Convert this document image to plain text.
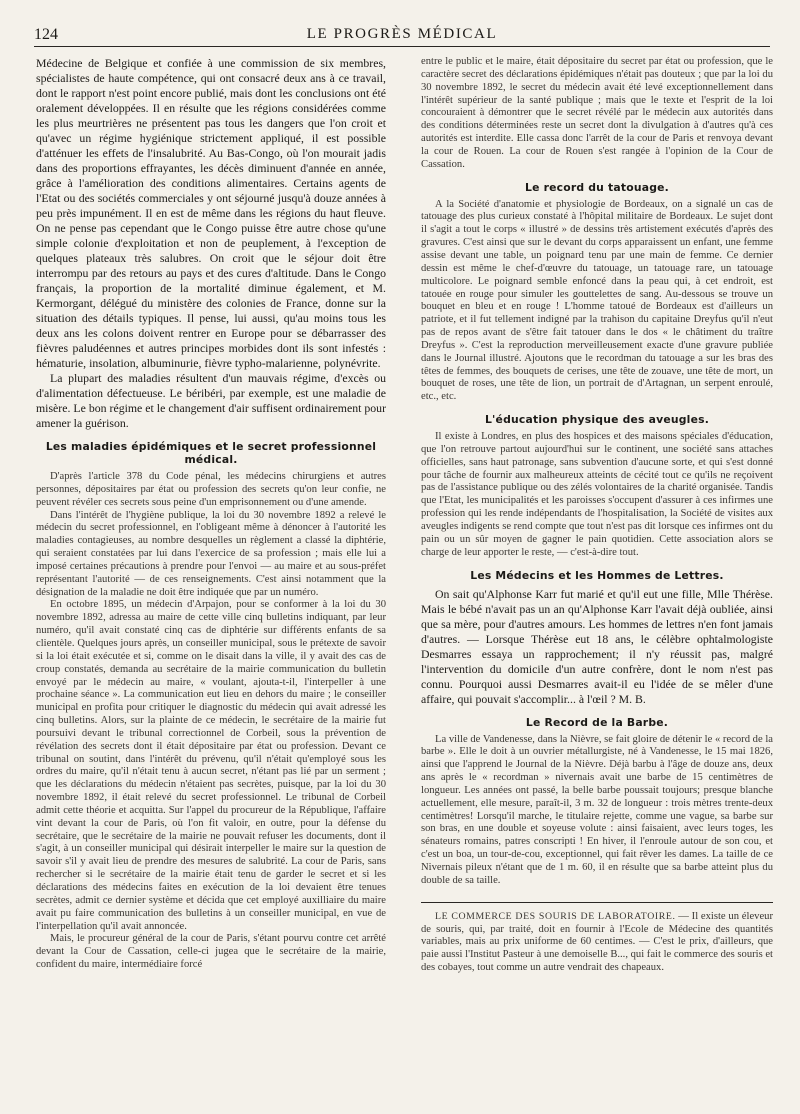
124	LE PROGRÈS MÉDICAL

Médecine de Belgique et confiée à une commission de six membres, spécialistes de haute compétence, qui ont consacré deux ans à ce travail, dont le rapport n'est point encore publié, mais dont les conclusions ont été oralement développées. Il en résulte que les régions considérées comme les plus meurtrières ne présentent pas tous les dangers que l'on croit et qu'avec un régime hygiénique strictement appliqué, il est possible d'atténuer les effets de l'insalubrité. Au Bas-Congo, où l'on mourait jadis dans des proportions effrayantes, les décès diminuent d'année en année, grâce à l'amélioration des conditions alimentaires. Certains agents de l'Etat ou des sociétés commerciales y ont séjourné jusqu'à douze années à peu près impunément. Il en est de même dans les régions du haut fleuve. On ne pense pas cependant que le Congo puisse être autre chose qu'une simple colonie d'exploitation et non de peuplement, à l'exception de quelques plateaux très salubres. On croit que le séjour doit être interrompu par des retours au pays et des cures d'altitude. Dans le Congo français, la proportion de la mortalité diminue également, et M. Kermorgant, délégué du ministère des colonies de France, donne sur la situation des détails typiques. Il pense, lui aussi, qu'au moins tous les deux ans les colons doivent rentrer en Europe pour se débarrasser des fièvres paludéennes et autres principes morbides dont ils sont infestés : hématurie, insolation, albuminurie, fièvre typho-malarienne, polynévrite.

La plupart des maladies résultent d'un mauvais régime, d'excès ou d'alimentation défectueuse. Le béribéri, par exemple, est une maladie de misère. Le bon régime et le changement d'air suffisent ordinairement pour amener la guérison.

Les maladies épidémiques et le secret professionnel médical.

D'après l'article 378 du Code pénal, les médecins chirurgiens et autres personnes, dépositaires par état ou profession des secrets qu'on leur confie, ne peuvent révéler ces secrets sous peine d'un emprisonnement ou d'une amende.

Dans l'intérêt de l'hygiène publique, la loi du 30 novembre 1892 a relevé le médecin du secret professionnel, en l'obligeant même à dénoncer à l'autorité les maladies contagieuses, au nombre desquelles un règlement a classé la diphtérie, qui seraient constatées par lui dans l'exercice de sa profession ; mais elle lui a imposé certaines précautions à prendre pour l'envoi — au maire et au sous-préfet représentant l'autorité — de ces renseignements. C'est ainsi notamment que la désignation de la maladie ne doit être indiquée que par un numéro.

En octobre 1895, un médecin d'Arpajon, pour se conformer à la loi du 30 novembre 1892, adressa au maire de cette ville cinq bulletins indiquant, par leur numéro, qu'il avait constaté cinq cas de diphtérie sur différents enfants de sa clientèle. Quelques jours après, un conseiller municipal, sous le prétexte de savoir si la loi était exécutée et si, comme on le disait dans la ville, il y avait des cas de croup constatés, demanda au secrétaire de la mairie communication du bulletin envoyé par le médecin au maire, « voulant, ajouta-t-il, l'interpeller à une prochaine séance ». La communication eut lieu en dehors du maire ; le conseiller municipal en profita pour critiquer le diagnostic du médecin qui avait adressé les cinq bulletins. Alors, sur la plainte de ce médecin, le secrétaire de la mairie fut poursuivi devant le tribunal correctionnel de Corbeil, sous la prévention de révélation des secrets dont il était dépositaire par état ou profession. Devant ce tribunal on soutint, dans l'intérêt du prévenu, qu'il n'était qu'employé sous les ordres du maire, qu'il n'était tenu à aucun secret, n'étant pas lié par un serment ; que les déclarations du médecin n'étaient pas secrètes, puisque, par la loi du 30 novembre 1892, il était relevé du secret professionnel. Le tribunal de Corbeil admit cette théorie et acquitta. Sur l'appel du procureur de la République, l'affaire vint devant la cour de Paris, où l'on fit valoir, en outre, pour la défense du secrétaire, que le secrétaire de la mairie ne pouvait refuser les documents, dont il s'agit, à un conseiller municipal qui désirait interpeller le maire sur la question de savoir s'il y avait lieu de prendre des mesures de salubrité. La cour de Paris, sans rechercher si le secrétaire de la mairie était tenu de garder le secret et si les déclarations des médecins faites en exécution de la loi devaient être tenues secrètes, admit ce dernier système et décida que cet employé auxilliaire du maire avait pu faire communication des bulletins à un conseiller municipal, en vue de l'interpellation qu'il avait annoncée.

Mais, le procureur général de la cour de Paris, s'étant pourvu contre cet arrêté devant la Cour de Cassation, celle-ci jugea que le secrétaire de la mairie, confident du maire, intermédiaire forcé

entre le public et le maire, était dépositaire du secret par état ou profession, que le caractère secret des déclarations épidémiques n'était pas douteux ; que par la loi du 30 novembre 1892, le secret du médecin avait été levé exceptionnellement dans l'intérêt supérieur de la santé publique ; mais que le texte et l'esprit de la loi concouraient à démontrer que le secret révélé par le médecin aux autorités dans des conditions déterminées reste un secret dont la divulgation à d'autres qu'à ces autorités est interdite. Elle cassa donc l'arrêt de la cour de Paris et renvoya devant la cour de Rouen. La cour de Rouen s'est rangée à l'opinion de la Cour de Cassation.

Le record du tatouage.

A la Société d'anatomie et physiologie de Bordeaux, on a signalé un cas de tatouage des plus curieux constaté à l'hôpital militaire de Bordeaux. Le sujet dont il s'agit a tout le corps « illustré » de dessins très artistement exécutés d'après des gravures. C'est ainsi que sur le devant du corps apparaissent un enfant, une femme assise devant une table, un poignard tenu par une main de femme. Ce dernier dessin est même le chef-d'œuvre du tatouage, un tatouage rare, un tatouage multicolore. Le poignard semble enfoncé dans la peau qui, à cet endroit, est tatouée en rouge pour simuler les gouttelettes de sang. Au-dessous se trouve un bouquet en bleu et en rouge ! L'homme tatoué de Bordeaux est d'ailleurs un patriote, et il fut tellement indigné par la trahison du capitaine Dreyfus qu'il n'eut pas de repos avant de s'être fait tatouer dans le dos « le châtiment du traître Dreyfus ». C'est la reproduction merveilleusement exacte d'une gravure publiée dans le Journal illustré. Ajoutons que le recordman du tatouage a sur les bras des têtes de femmes, des bouquets de cerises, une tête de zouave, une tête de mort, un bouquet de roses, une tête de lion, un portrait de d'Artagnan, un serpent enroulé, etc., etc.

L'éducation physique des aveugles.

Il existe à Londres, en plus des hospices et des maisons spéciales d'éducation, que l'on retrouve partout aujourd'hui sur le continent, une société sans attaches officielles, sans haut patronage, sans subvention d'aucune sorte, et qui s'est donné pour tâche de fournir aux malheureux atteints de cécité tout ce qu'ils ne reçoivent pas de l'assistance publique ou des zélés volontaires de la charité organisée. Tandis que l'Etat, les municipalités et les paroisses s'occupent d'assurer à ces infirmes une profession qui les rende indépendants de l'hospitalisation, la Société de visites aux aveugles indigents se rend compte que tout n'est pas dit lorsque ces infirmes ont du pain ou un sûr moyen de gagner le pain quotidien. Cette association alors se charge de leur apporter le reste, — c'est-à-dire tout.

Les Médecins et les Hommes de Lettres.

On sait qu'Alphonse Karr fut marié et qu'il eut une fille, Mlle Thérèse. Mais le bébé n'avait pas un an qu'Alphonse Karr l'avait déjà oubliée, ainsi que sa mère, pour d'autres amours. Les hommes de lettres n'en font jamais d'autres. — Lorsque Thérèse eut 18 ans, le célèbre ophtalmologiste Desmarres essaya un rapprochement; il n'y réussit pas, malgré l'intervention du domicile d'un autre confrère, dont le nom n'est pas connu. Pourquoi aussi Desmarres avait-il eu l'idée de se mêler d'une affaire, qui pouvait s'accomplir... à l'œil ? M. B.

Le Record de la Barbe.

La ville de Vandenesse, dans la Nièvre, se fait gloire de détenir le « record de la barbe ». Elle le doit à un ouvrier métallurgiste, né à Vandenesse, le 15 mai 1826, ainsi que l'apprend le Journal de la Nièvre. Déjà barbu à l'âge de douze ans, deux ans après le « recordman » nivernais avait une barbe de 15 centimètres de longueur. Les années ont passé, la belle barbe poussait toujours; presque blanche actuellement, elle mesure, paraît-il, 3 m. 32 de longueur : trois mètres trente-deux centimètres! Lorsqu'il marche, le titulaire rejette, comme une vague, sa barbe sur son bras, en une double et soyeuse volute : ainsi faisaient, avec leurs toges, les sénateurs romains, patres conscripti ! En hiver, il l'enroule autour de son cou, et c'est un boa, un tour-de-cou, exceptionnel, qui fait rêver les dames. La taille de ce Nivernais pileux n'étant que de 1 m. 60, il en résulte que sa barbe atteint plus du double de sa taille.

LE COMMERCE DES SOURIS DE LABORATOIRE. — Il existe un éleveur de souris, qui, par traité, doit en fournir à l'Ecole de Médecine des quantités variables, mais au prix uniforme de 60 centimes. — C'est le prix, d'ailleurs, que paie aussi l'Institut Pasteur à une demoiselle B..., qui fait le commerce des souris et des cobayes, tout comme un autre vendrait des chapeaux.
